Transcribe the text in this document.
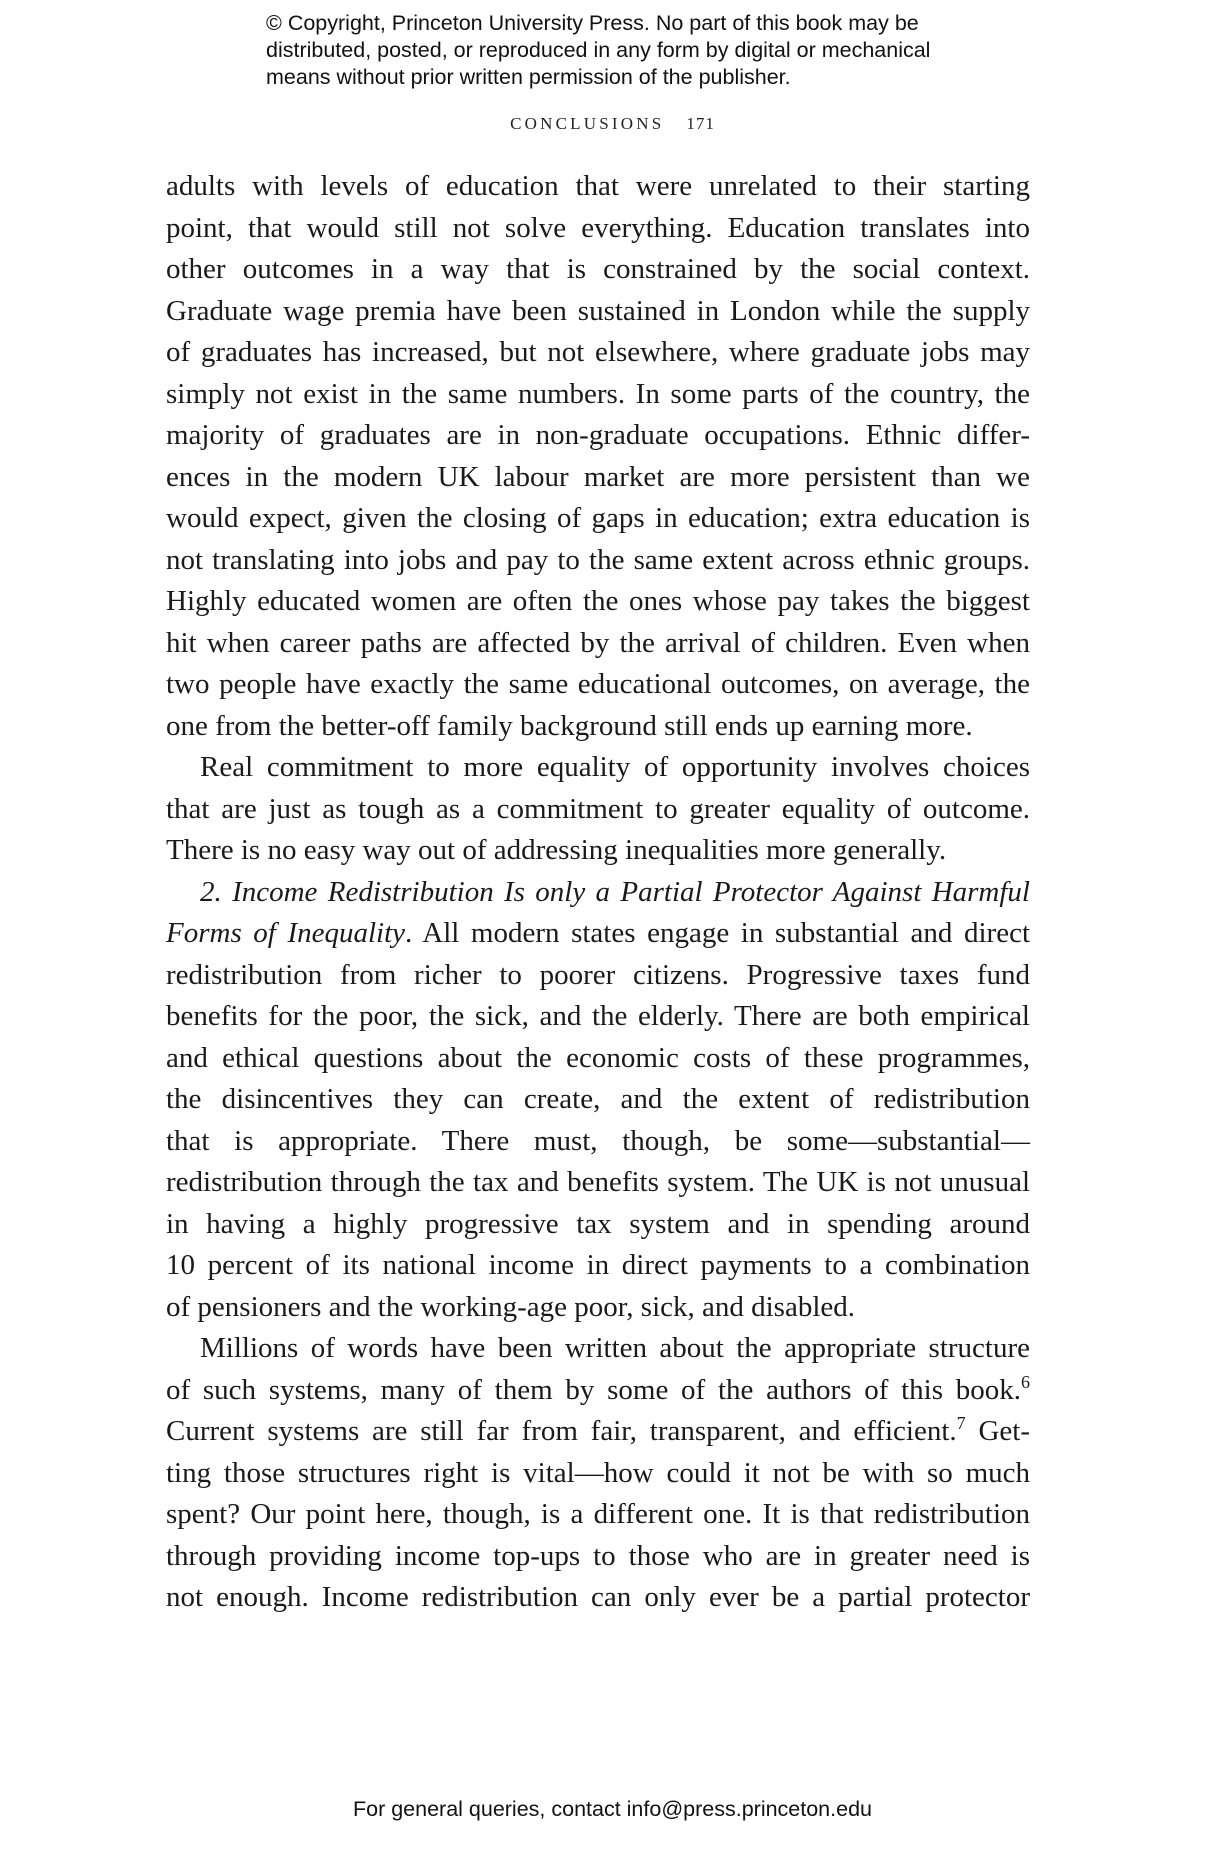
© Copyright, Princeton University Press. No part of this book may be
distributed, posted, or reproduced in any form by digital or mechanical
means without prior written permission of the publisher.
CONCLUSIONS 171
adults with levels of education that were unrelated to their starting
point, that would still not solve everything. Education translates into
other outcomes in a way that is constrained by the social context.
Graduate wage premia have been sustained in London while the supply
of graduates has increased, but not elsewhere, where graduate jobs may
simply not exist in the same numbers. In some parts of the country, the
majority of graduates are in non-graduate occupations. Ethnic differ-
ences in the modern UK labour market are more persistent than we
would expect, given the closing of gaps in education; extra education is
not translating into jobs and pay to the same extent across ethnic groups.
Highly educated women are often the ones whose pay takes the biggest
hit when career paths are affected by the arrival of children. Even when
two people have exactly the same educational outcomes, on average, the
one from the better-off family background still ends up earning more.
Real commitment to more equality of opportunity involves choices
that are just as tough as a commitment to greater equality of outcome.
There is no easy way out of addressing inequalities more generally.
2. Income Redistribution Is only a Partial Protector Against Harmful
Forms of Inequality. All modern states engage in substantial and direct
redistribution from richer to poorer citizens. Progressive taxes fund
benefits for the poor, the sick, and the elderly. There are both empirical
and ethical questions about the economic costs of these programmes,
the disincentives they can create, and the extent of redistribution
that is appropriate. There must, though, be some—substantial—
redistribution through the tax and benefits system. The UK is not unusual
in having a highly progressive tax system and in spending around
10 percent of its national income in direct payments to a combination
of pensioners and the working-age poor, sick, and disabled.
Millions of words have been written about the appropriate structure
of such systems, many of them by some of the authors of this book.$^6$
Current systems are still far from fair, transparent, and efficient.$^7$ Get-
ting those structures right is vital—how could it not be with so much
spent? Our point here, though, is a different one. It is that redistribution
through providing income top-ups to those who are in greater need is
not enough. Income redistribution can only ever be a partial protector
For general queries, contact info@press.princeton.edu
